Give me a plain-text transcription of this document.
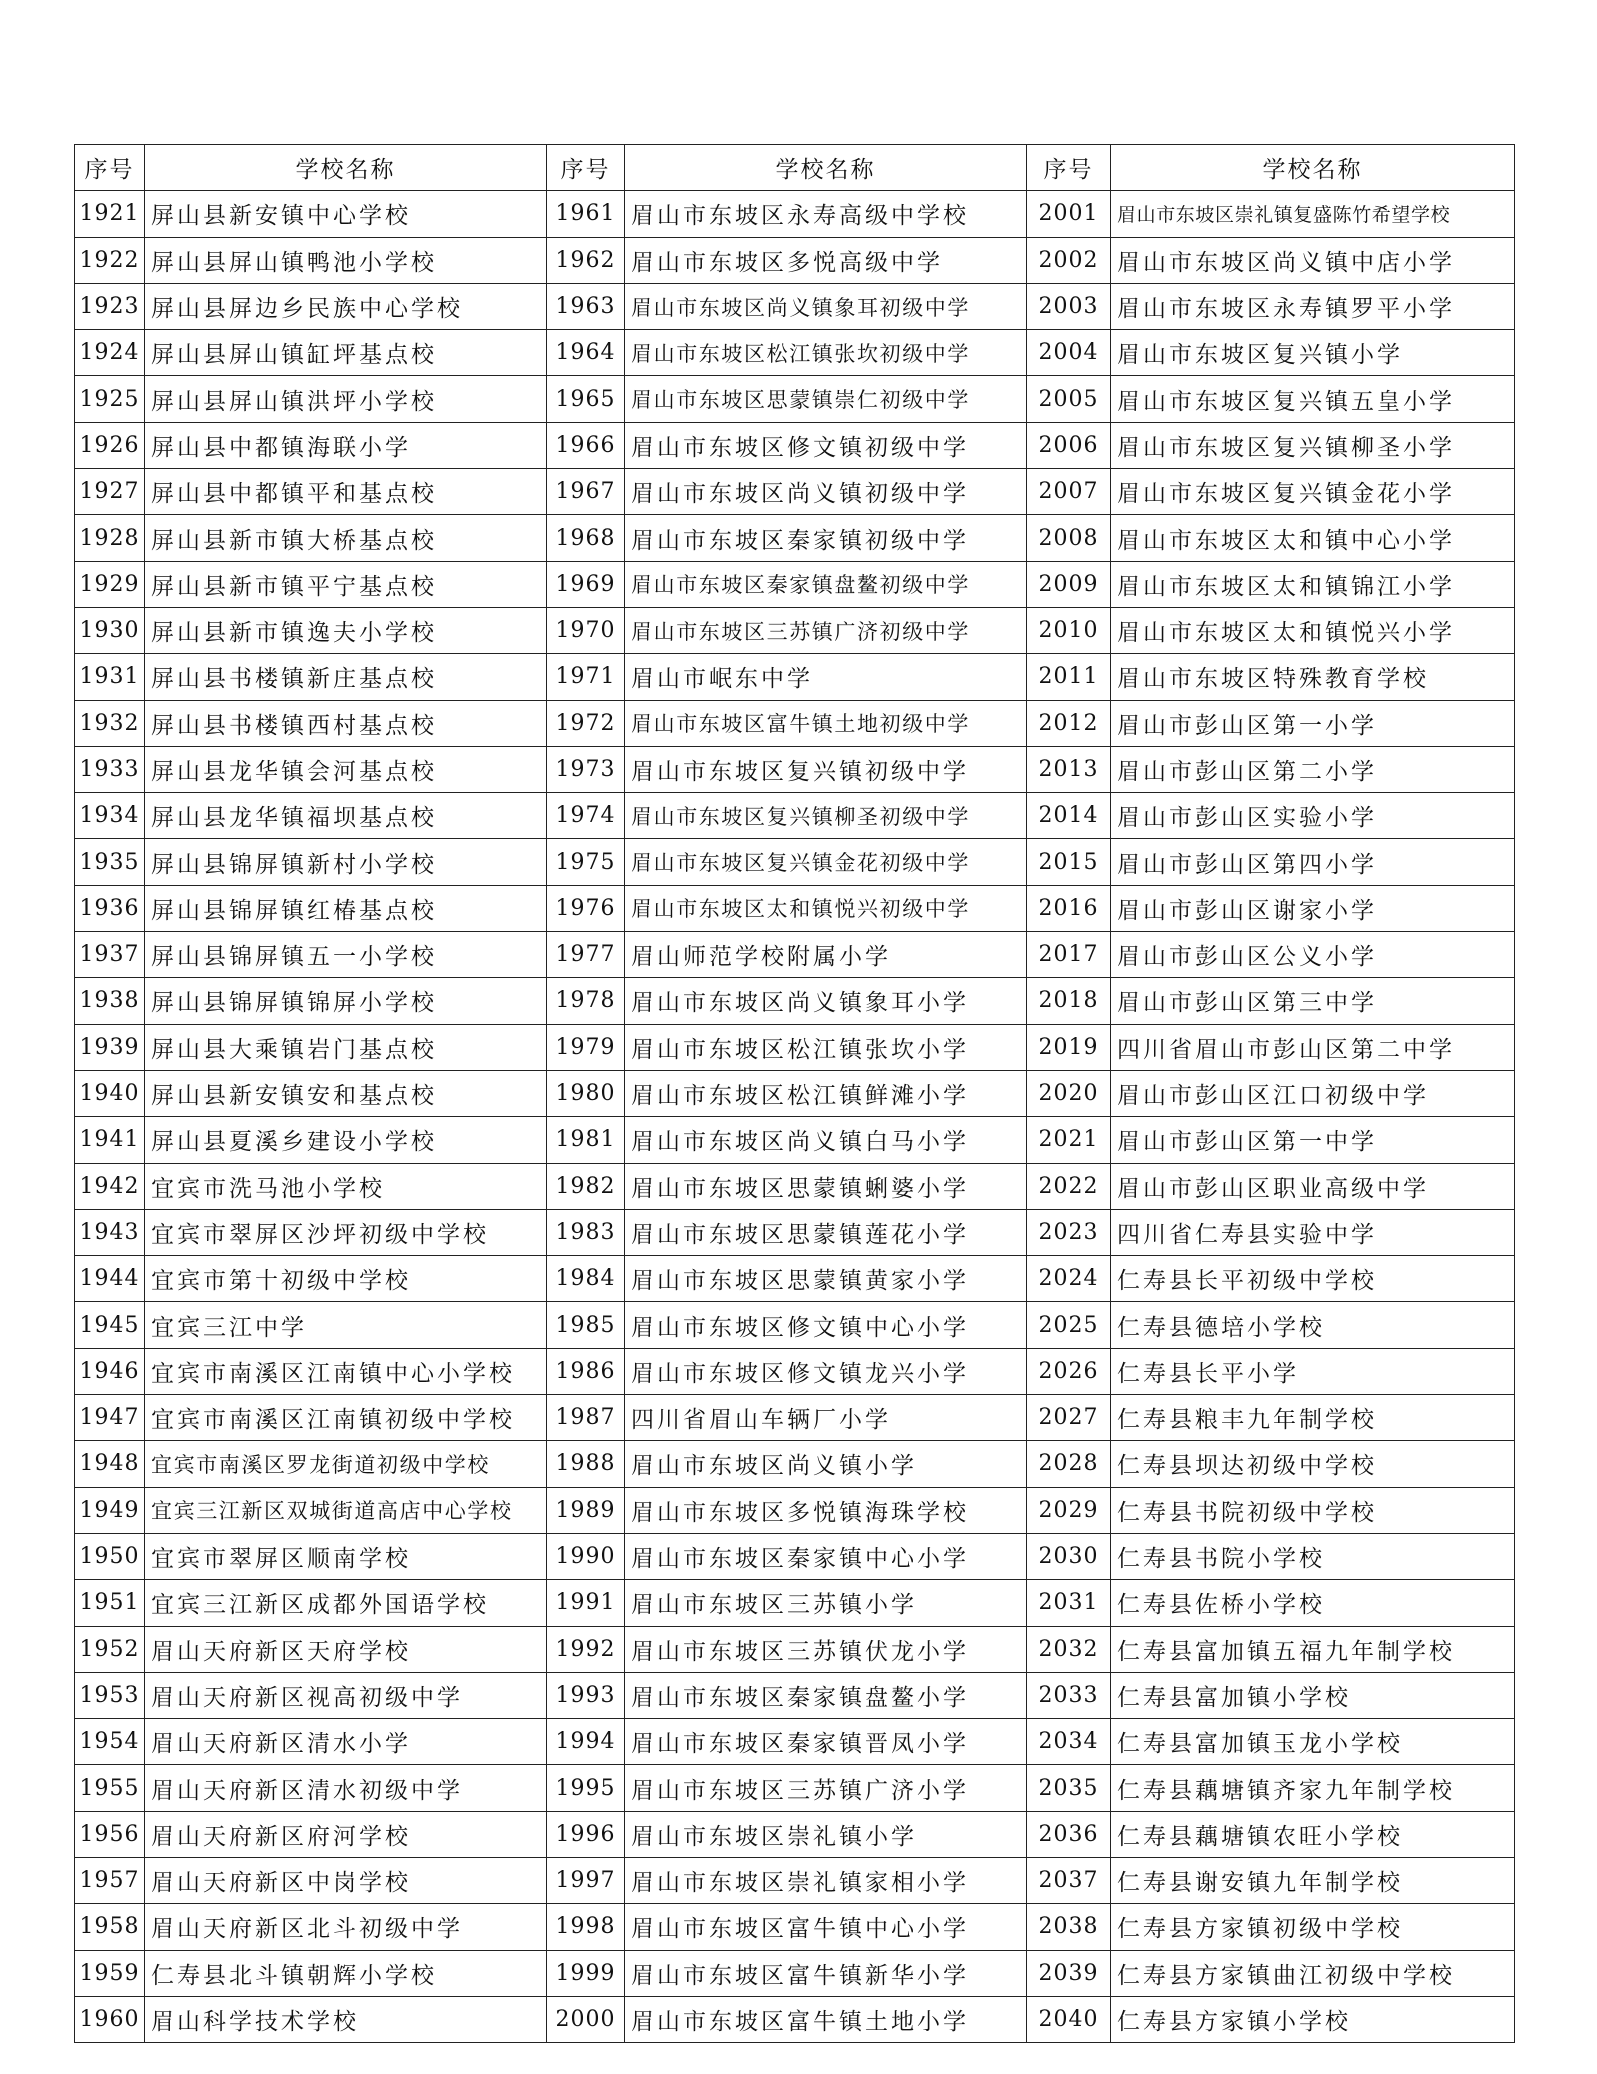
序号	学校名称	序号	学校名称	序号	学校名称
1921	屏山县新安镇中心学校	1961	眉山市东坡区永寿高级中学校	2001	眉山市东坡区崇礼镇复盛陈竹希望学校
1922	屏山县屏山镇鸭池小学校	1962	眉山市东坡区多悦高级中学	2002	眉山市东坡区尚义镇中店小学
1923	屏山县屏边乡民族中心学校	1963	眉山市东坡区尚义镇象耳初级中学	2003	眉山市东坡区永寿镇罗平小学
1924	屏山县屏山镇缸坪基点校	1964	眉山市东坡区松江镇张坎初级中学	2004	眉山市东坡区复兴镇小学
1925	屏山县屏山镇洪坪小学校	1965	眉山市东坡区思蒙镇崇仁初级中学	2005	眉山市东坡区复兴镇五皇小学
1926	屏山县中都镇海联小学	1966	眉山市东坡区修文镇初级中学	2006	眉山市东坡区复兴镇柳圣小学
1927	屏山县中都镇平和基点校	1967	眉山市东坡区尚义镇初级中学	2007	眉山市东坡区复兴镇金花小学
1928	屏山县新市镇大桥基点校	1968	眉山市东坡区秦家镇初级中学	2008	眉山市东坡区太和镇中心小学
1929	屏山县新市镇平宁基点校	1969	眉山市东坡区秦家镇盘鳌初级中学	2009	眉山市东坡区太和镇锦江小学
1930	屏山县新市镇逸夫小学校	1970	眉山市东坡区三苏镇广济初级中学	2010	眉山市东坡区太和镇悦兴小学
1931	屏山县书楼镇新庄基点校	1971	眉山市岷东中学	2011	眉山市东坡区特殊教育学校
1932	屏山县书楼镇西村基点校	1972	眉山市东坡区富牛镇土地初级中学	2012	眉山市彭山区第一小学
1933	屏山县龙华镇会河基点校	1973	眉山市东坡区复兴镇初级中学	2013	眉山市彭山区第二小学
1934	屏山县龙华镇福坝基点校	1974	眉山市东坡区复兴镇柳圣初级中学	2014	眉山市彭山区实验小学
1935	屏山县锦屏镇新村小学校	1975	眉山市东坡区复兴镇金花初级中学	2015	眉山市彭山区第四小学
1936	屏山县锦屏镇红椿基点校	1976	眉山市东坡区太和镇悦兴初级中学	2016	眉山市彭山区谢家小学
1937	屏山县锦屏镇五一小学校	1977	眉山师范学校附属小学	2017	眉山市彭山区公义小学
1938	屏山县锦屏镇锦屏小学校	1978	眉山市东坡区尚义镇象耳小学	2018	眉山市彭山区第三中学
1939	屏山县大乘镇岩门基点校	1979	眉山市东坡区松江镇张坎小学	2019	四川省眉山市彭山区第二中学
1940	屏山县新安镇安和基点校	1980	眉山市东坡区松江镇鲜滩小学	2020	眉山市彭山区江口初级中学
1941	屏山县夏溪乡建设小学校	1981	眉山市东坡区尚义镇白马小学	2021	眉山市彭山区第一中学
1942	宜宾市洗马池小学校	1982	眉山市东坡区思蒙镇蜊婆小学	2022	眉山市彭山区职业高级中学
1943	宜宾市翠屏区沙坪初级中学校	1983	眉山市东坡区思蒙镇莲花小学	2023	四川省仁寿县实验中学
1944	宜宾市第十初级中学校	1984	眉山市东坡区思蒙镇黄家小学	2024	仁寿县长平初级中学校
1945	宜宾三江中学	1985	眉山市东坡区修文镇中心小学	2025	仁寿县德培小学校
1946	宜宾市南溪区江南镇中心小学校	1986	眉山市东坡区修文镇龙兴小学	2026	仁寿县长平小学
1947	宜宾市南溪区江南镇初级中学校	1987	四川省眉山车辆厂小学	2027	仁寿县粮丰九年制学校
1948	宜宾市南溪区罗龙街道初级中学校	1988	眉山市东坡区尚义镇小学	2028	仁寿县坝达初级中学校
1949	宜宾三江新区双城街道高店中心学校	1989	眉山市东坡区多悦镇海珠学校	2029	仁寿县书院初级中学校
1950	宜宾市翠屏区顺南学校	1990	眉山市东坡区秦家镇中心小学	2030	仁寿县书院小学校
1951	宜宾三江新区成都外国语学校	1991	眉山市东坡区三苏镇小学	2031	仁寿县佐桥小学校
1952	眉山天府新区天府学校	1992	眉山市东坡区三苏镇伏龙小学	2032	仁寿县富加镇五福九年制学校
1953	眉山天府新区视高初级中学	1993	眉山市东坡区秦家镇盘鳌小学	2033	仁寿县富加镇小学校
1954	眉山天府新区清水小学	1994	眉山市东坡区秦家镇晋凤小学	2034	仁寿县富加镇玉龙小学校
1955	眉山天府新区清水初级中学	1995	眉山市东坡区三苏镇广济小学	2035	仁寿县藕塘镇齐家九年制学校
1956	眉山天府新区府河学校	1996	眉山市东坡区崇礼镇小学	2036	仁寿县藕塘镇农旺小学校
1957	眉山天府新区中岗学校	1997	眉山市东坡区崇礼镇家相小学	2037	仁寿县谢安镇九年制学校
1958	眉山天府新区北斗初级中学	1998	眉山市东坡区富牛镇中心小学	2038	仁寿县方家镇初级中学校
1959	仁寿县北斗镇朝辉小学校	1999	眉山市东坡区富牛镇新华小学	2039	仁寿县方家镇曲江初级中学校
1960	眉山科学技术学校	2000	眉山市东坡区富牛镇土地小学	2040	仁寿县方家镇小学校
